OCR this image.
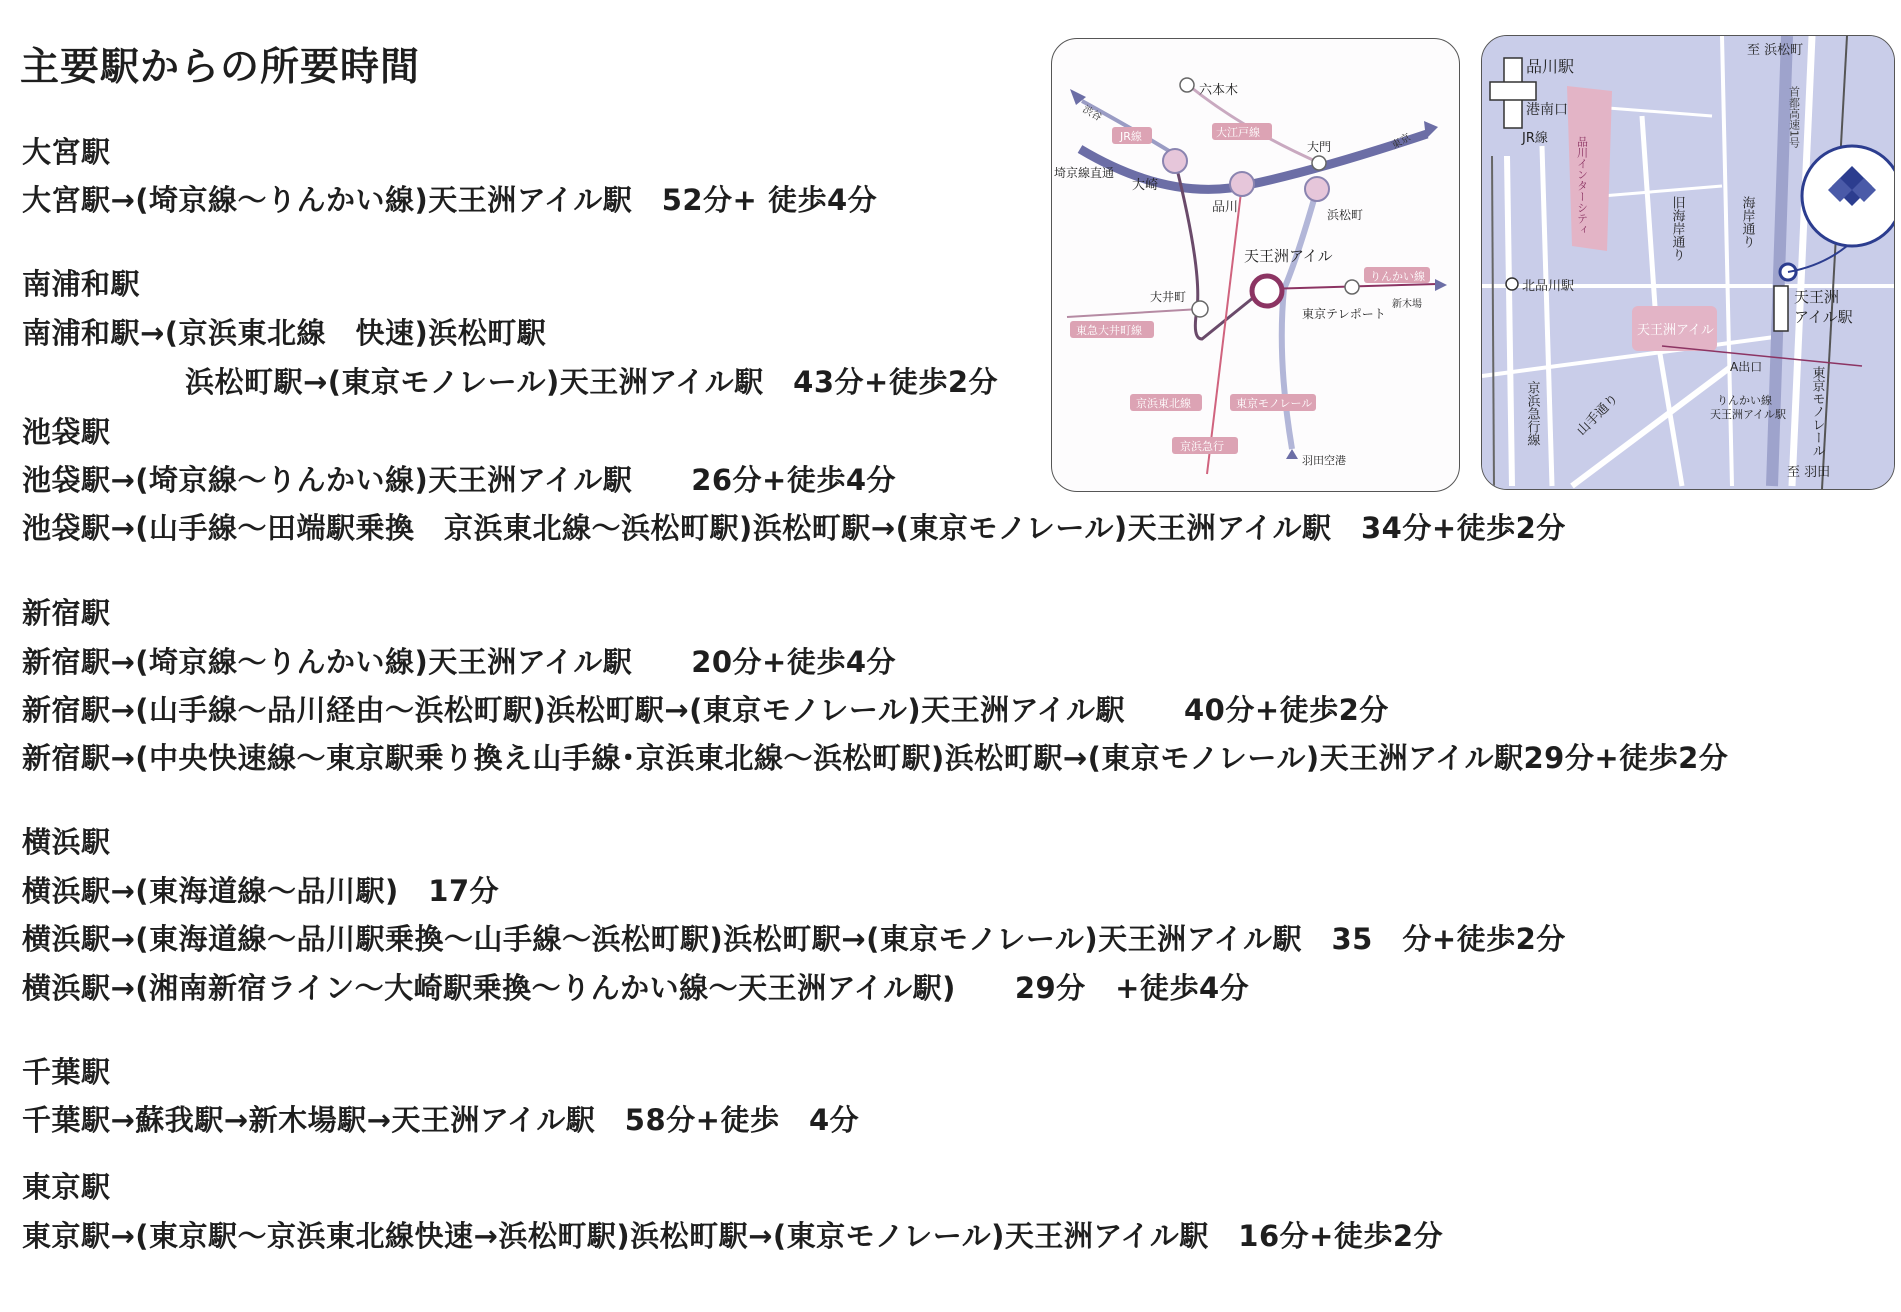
主要駅からの所要時間
大宮駅
大宮駅→(埼京線～りんかい線)天王洲アイル駅　52分+ 徒歩4分
南浦和駅
南浦和駅→(京浜東北線　快速)浜松町駅
浜松町駅→(東京モノレール)天王洲アイル駅　43分+徒歩2分
池袋駅
池袋駅→(埼京線～りんかい線)天王洲アイル駅　　26分+徒歩4分
池袋駅→(山手線～田端駅乗換　京浜東北線～浜松町駅)浜松町駅→(東京モノレール)天王洲アイル駅　34分+徒歩2分
新宿駅
新宿駅→(埼京線～りんかい線)天王洲アイル駅　　20分+徒歩4分
新宿駅→(山手線～品川経由～浜松町駅)浜松町駅→(東京モノレール)天王洲アイル駅　　40分+徒歩2分
新宿駅→(中央快速線～東京駅乗り換え山手線･京浜東北線～浜松町駅)浜松町駅→(東京モノレール)天王洲アイル駅29分+徒歩2分
横浜駅
横浜駅→(東海道線～品川駅)　17分
横浜駅→(東海道線～品川駅乗換～山手線～浜松町駅)浜松町駅→(東京モノレール)天王洲アイル駅　35　分+徒歩2分
横浜駅→(湘南新宿ライン～大崎駅乗換～りんかい線～天王洲アイル駅)　　29分　+徒歩4分
千葉駅
千葉駅→蘇我駅→新木場駅→天王洲アイル駅　58分+徒歩　4分
東京駅
東京駅→(東京駅～京浜東北線快速→浜松町駅)浜松町駅→(東京モノレール)天王洲アイル駅　16分+徒歩2分
六本木
大江戸線
大門
JR線
渋谷
東京
埼京線直通
大崎
品川	浜松町
天王洲アイル
りんかい線
大井町
新木場
東京テレポート
東急大井町線
京浜東北線	東京モノレール
京浜急行
羽田空港
品川駅
至 浜松町
港南口
JR線	品川インターシティ	海岸通り
旧海岸通り
首都高速1号
北品川駅
天王洲
アイル駅
天王洲アイル
A出口
りんかい線
天王洲アイル駅
京浜急行線	山手通り	東京モノレール
至 羽田
